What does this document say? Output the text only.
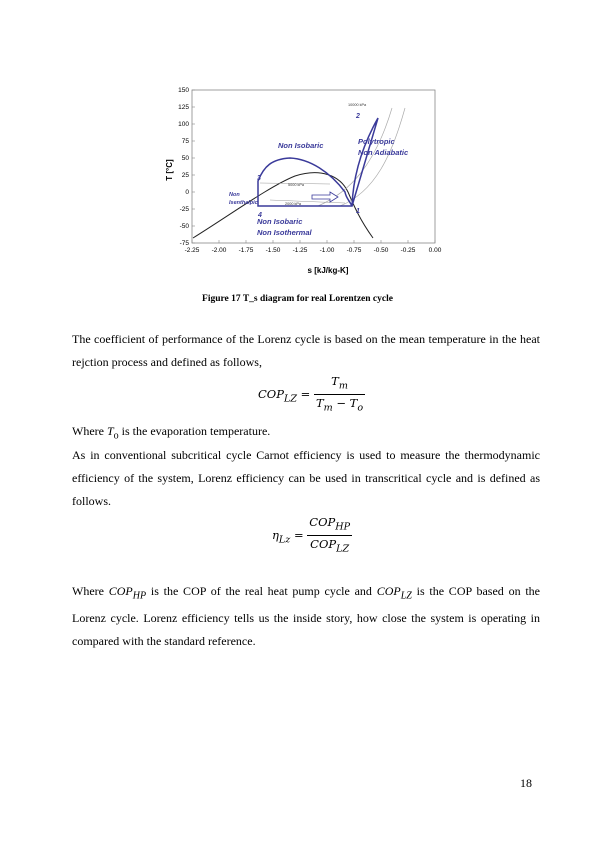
150
125
100
75
50
25
0
-25
-50
-75
-2.25 -2.00 -1.75 -1.50 -1.25 -1.00 -0.75 -0.50 -0.25 0.00
T [°C]
s [kJ/kg-K]
Non Isobaric	Polytropic
Non Adiabatic
Non
Isenthalpic
Non Isobaric
Non Isothermal
1
2
3
4
10000 kPa
5000 kPa
2000 kPa
Figure 17 T_s diagram for real Lorentzen cycle

The coefficient of performance of the Lorenz cycle is based on the mean temperature in the heat rejction process and defined as follows,

$COP_{LZ} = \frac{T_m}{T_m - T_o}$

Where $T_o$ is the evaporation temperature.

As in conventional subcritical cycle Carnot efficiency is used to measure the thermodynamic efficiency of the system, Lorenz efficiency can be used in transcritical cycle and is defined as follows.

$\eta_{Lz} = \frac{COP_{HP}}{COP_{LZ}}$

Where $COP_{HP}$ is the COP of the real heat pump cycle and $COP_{LZ}$ is the COP based on the Lorenz cycle. Lorenz efficiency tells us the inside story, how close the system is operating in compared with the standard reference.

18
